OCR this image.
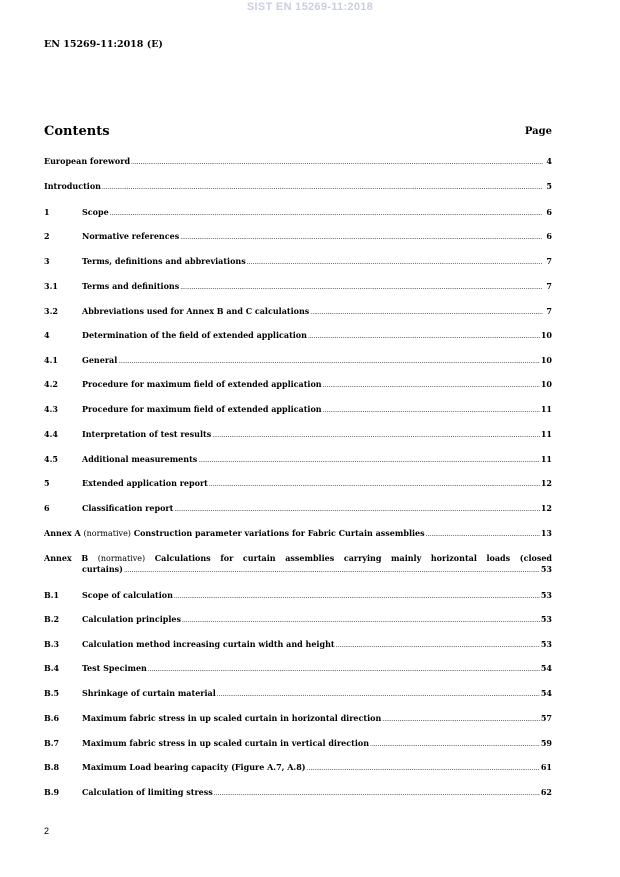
SIST EN 15269-11:2018
EN 15269-11:2018 (E)
Contents	Page
European foreword .....	4
Introduction .....	5
1	Scope .....	6
2	Normative references .....	6
3	Terms, definitions and abbreviations .....	7
3.1	Terms and definitions .....	7
3.2	Abbreviations used for Annex B and C calculations .....	7
4	Determination of the field of extended application .....	10
4.1	General .....	10
4.2	Procedure for maximum field of extended application .....	10
4.3	Procedure for maximum field of extended application .....	11
4.4	Interpretation of test results .....	11
4.5	Additional measurements .....	11
5	Extended application report .....	12
6	Classification report .....	12
Annex A (normative) Construction parameter variations for Fabric Curtain assemblies .....	13
Annex B (normative) Calculations for curtain assemblies carrying mainly horizontal loads (closed
curtains) .....	53
B.1	Scope of calculation .....	53
B.2	Calculation principles .....	53
B.3	Calculation method increasing curtain width and height .....	53
B.4	Test Specimen .....	54
B.5	Shrinkage of curtain material .....	54
B.6	Maximum fabric stress in up scaled curtain in horizontal direction .....	57
B.7	Maximum fabric stress in up scaled curtain in vertical direction .....	59
B.8	Maximum Load bearing capacity (Figure A.7, A.8) .....	61
B.9	Calculation of limiting stress .....	62
2
